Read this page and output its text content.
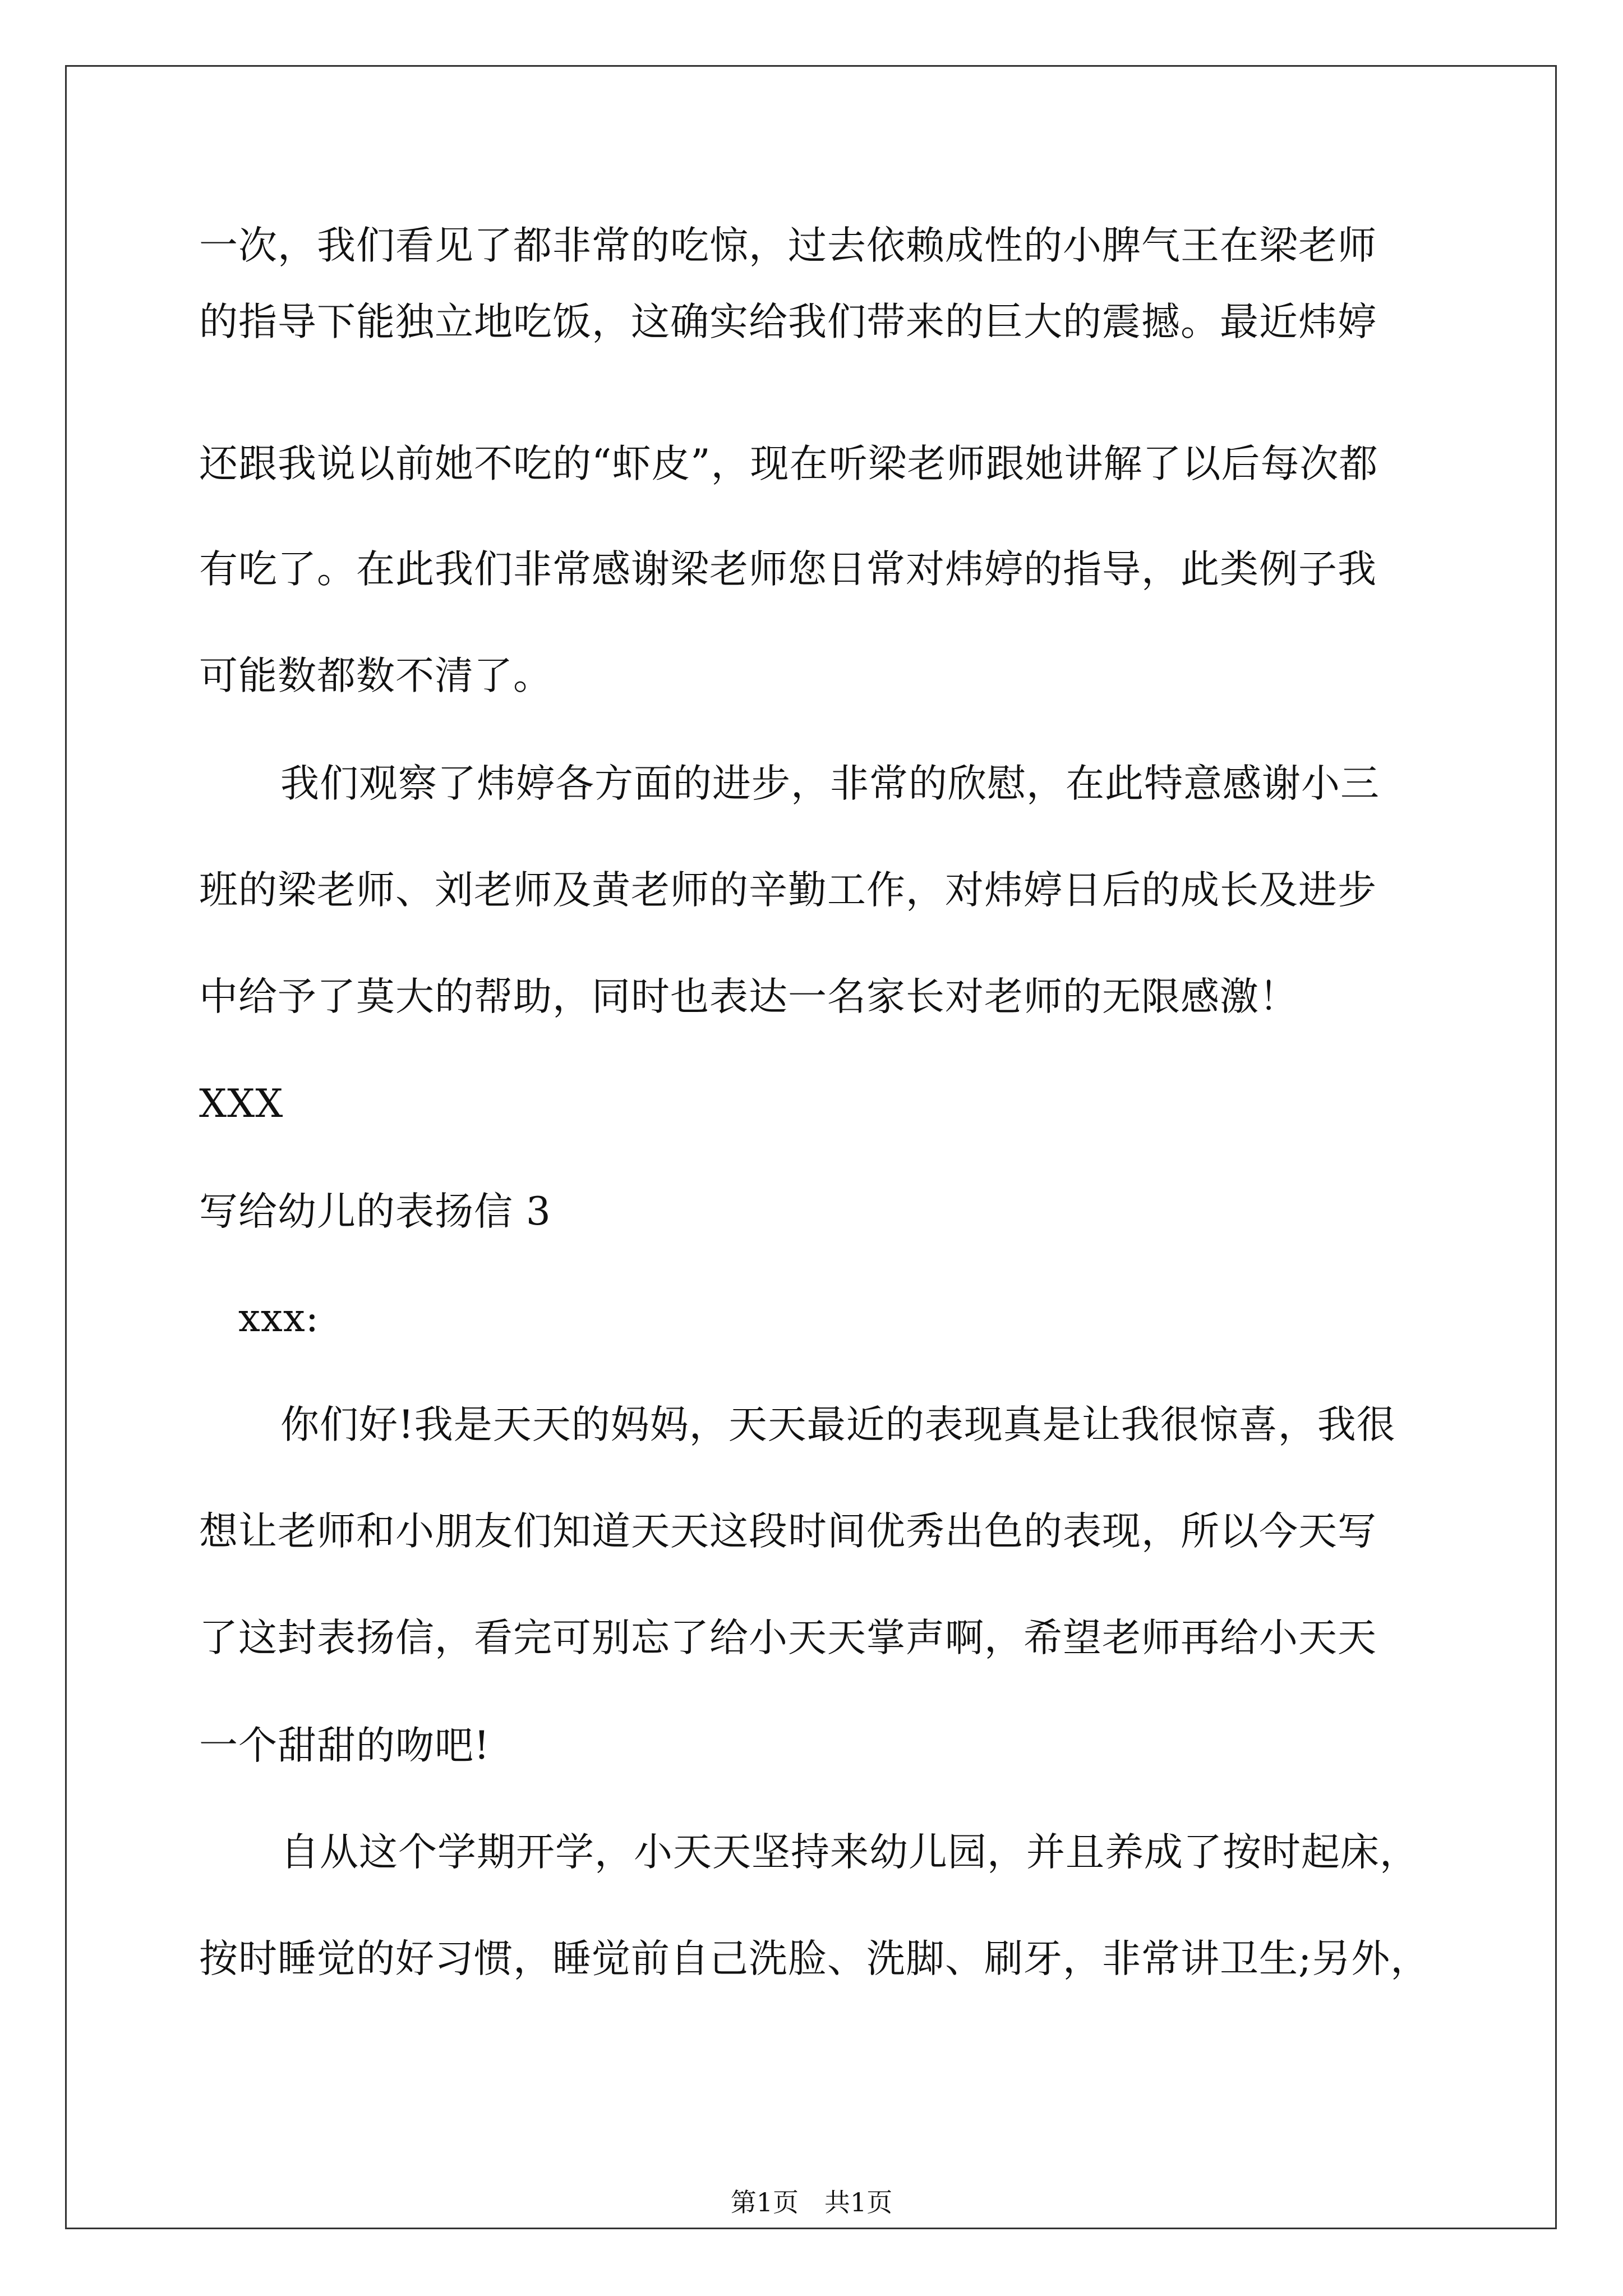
一次，我们看见了都非常的吃惊，过去依赖成性的小脾气王在梁老师
的指导下能独立地吃饭，这确实给我们带来的巨大的震撼。最近炜婷
还跟我说以前她不吃的“虾皮”，现在听梁老师跟她讲解了以后每次都
有吃了。在此我们非常感谢梁老师您日常对炜婷的指导，此类例子我
可能数都数不清了。
我们观察了炜婷各方面的进步，非常的欣慰，在此特意感谢小三
班的梁老师、刘老师及黄老师的辛勤工作，对炜婷日后的成长及进步
中给予了莫大的帮助，同时也表达一名家长对老师的无限感激！
XXX
写给幼儿的表扬信 3
xxx:
你们好!我是天天的妈妈，天天最近的表现真是让我很惊喜，我很
想让老师和小朋友们知道天天这段时间优秀出色的表现，所以今天写
了这封表扬信，看完可别忘了给小天天掌声啊，希望老师再给小天天
一个甜甜的吻吧!
自从这个学期开学，小天天坚持来幼儿园，并且养成了按时起床，
按时睡觉的好习惯，睡觉前自己洗脸、洗脚、刷牙，非常讲卫生;另外，
第1页　共1页
